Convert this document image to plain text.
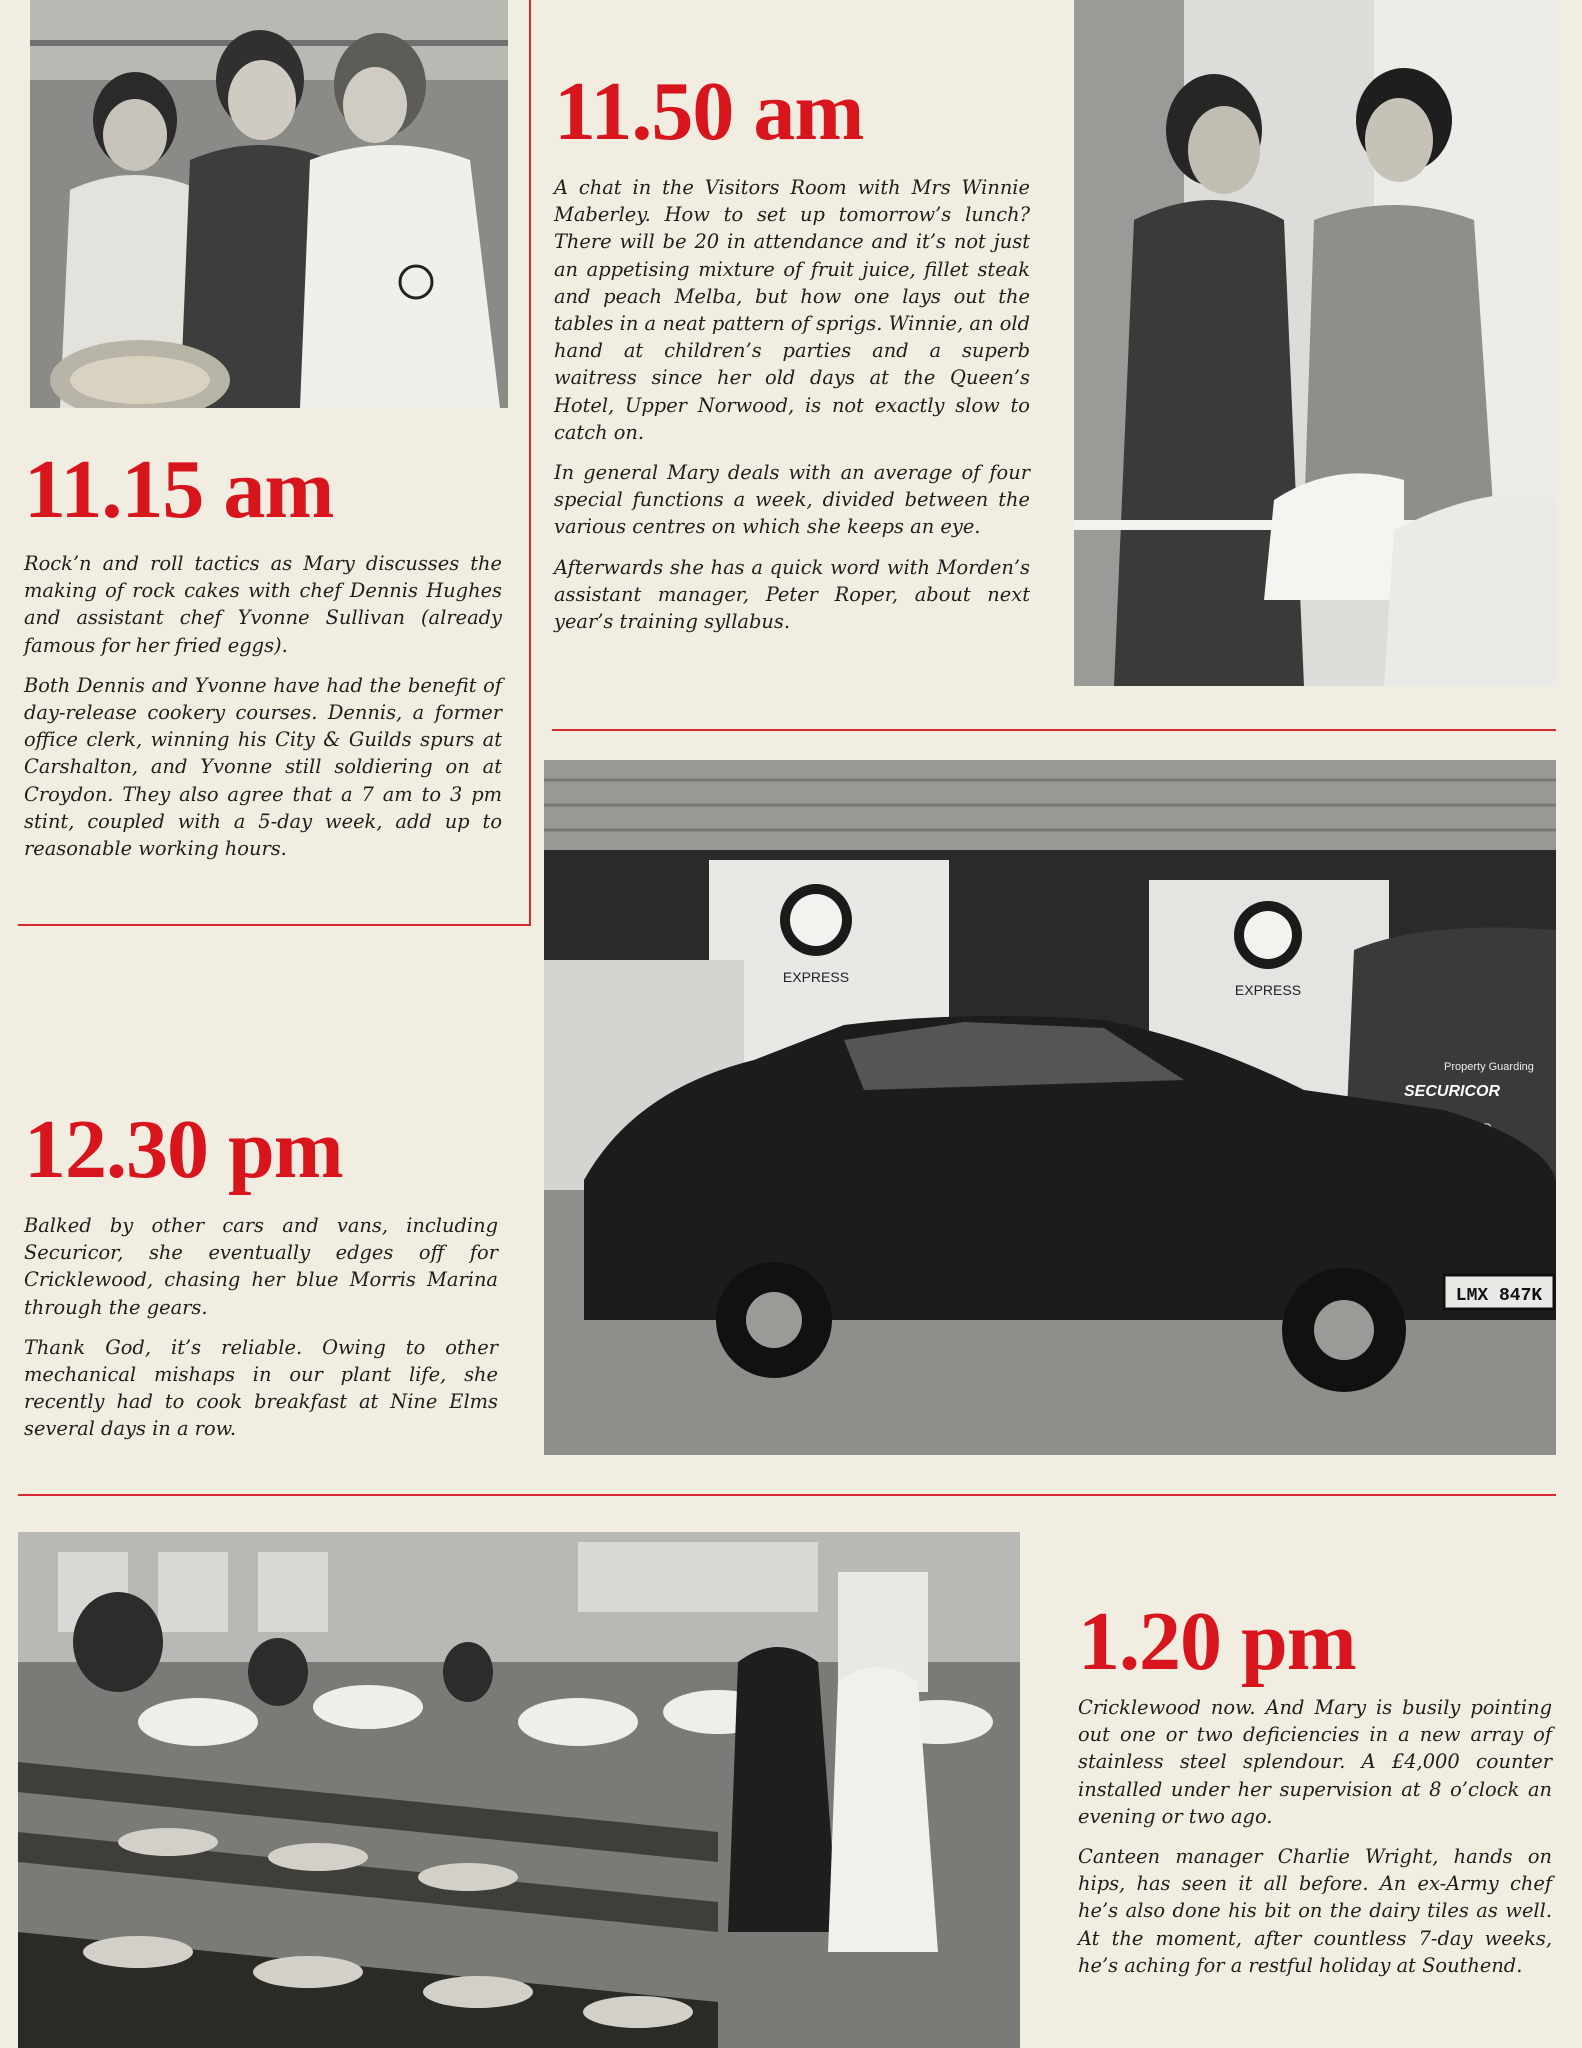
EXPRESS
EXPRESS
Property Guarding
SECURICOR
LMX 847K
11.15 am

Rock’n and roll tactics as Mary discusses the making of rock cakes with chef Dennis Hughes and assistant chef Yvonne Sullivan (already famous for her fried eggs).

Both Dennis and Yvonne have had the benefit of day-release cookery courses. Dennis, a former office clerk, winning his City & Guilds spurs at Carshalton, and Yvonne still soldiering on at Croydon. They also agree that a 7 am to 3 pm stint, coupled with a 5-day week, add up to reasonable working hours.

11.50 am

A chat in the Visitors Room with Mrs Winnie Maberley. How to set up tomorrow’s lunch? There will be 20 in attendance and it’s not just an appetising mixture of fruit juice, fillet steak and peach Melba, but how one lays out the tables in a neat pattern of sprigs. Winnie, an old hand at children’s parties and a superb waitress since her old days at the Queen’s Hotel, Upper Norwood, is not exactly slow to catch on.

In general Mary deals with an average of four special functions a week, divided between the various centres on which she keeps an eye.

Afterwards she has a quick word with Morden’s assistant manager, Peter Roper, about next year’s training syllabus.

12.30 pm

Balked by other cars and vans, including Securicor, she eventually edges off for Cricklewood, chasing her blue Morris Marina through the gears.

Thank God, it’s reliable. Owing to other mechanical mishaps in our plant life, she recently had to cook breakfast at Nine Elms several days in a row.

1.20 pm

Cricklewood now. And Mary is busily pointing out one or two deficiencies in a new array of stainless steel splendour. A £4,000 counter installed under her supervision at 8 o’clock an evening or two ago.

Canteen manager Charlie Wright, hands on hips, has seen it all before. An ex-Army chef he’s also done his bit on the dairy tiles as well. At the moment, after countless 7-day weeks, he’s aching for a restful holiday at Southend.
